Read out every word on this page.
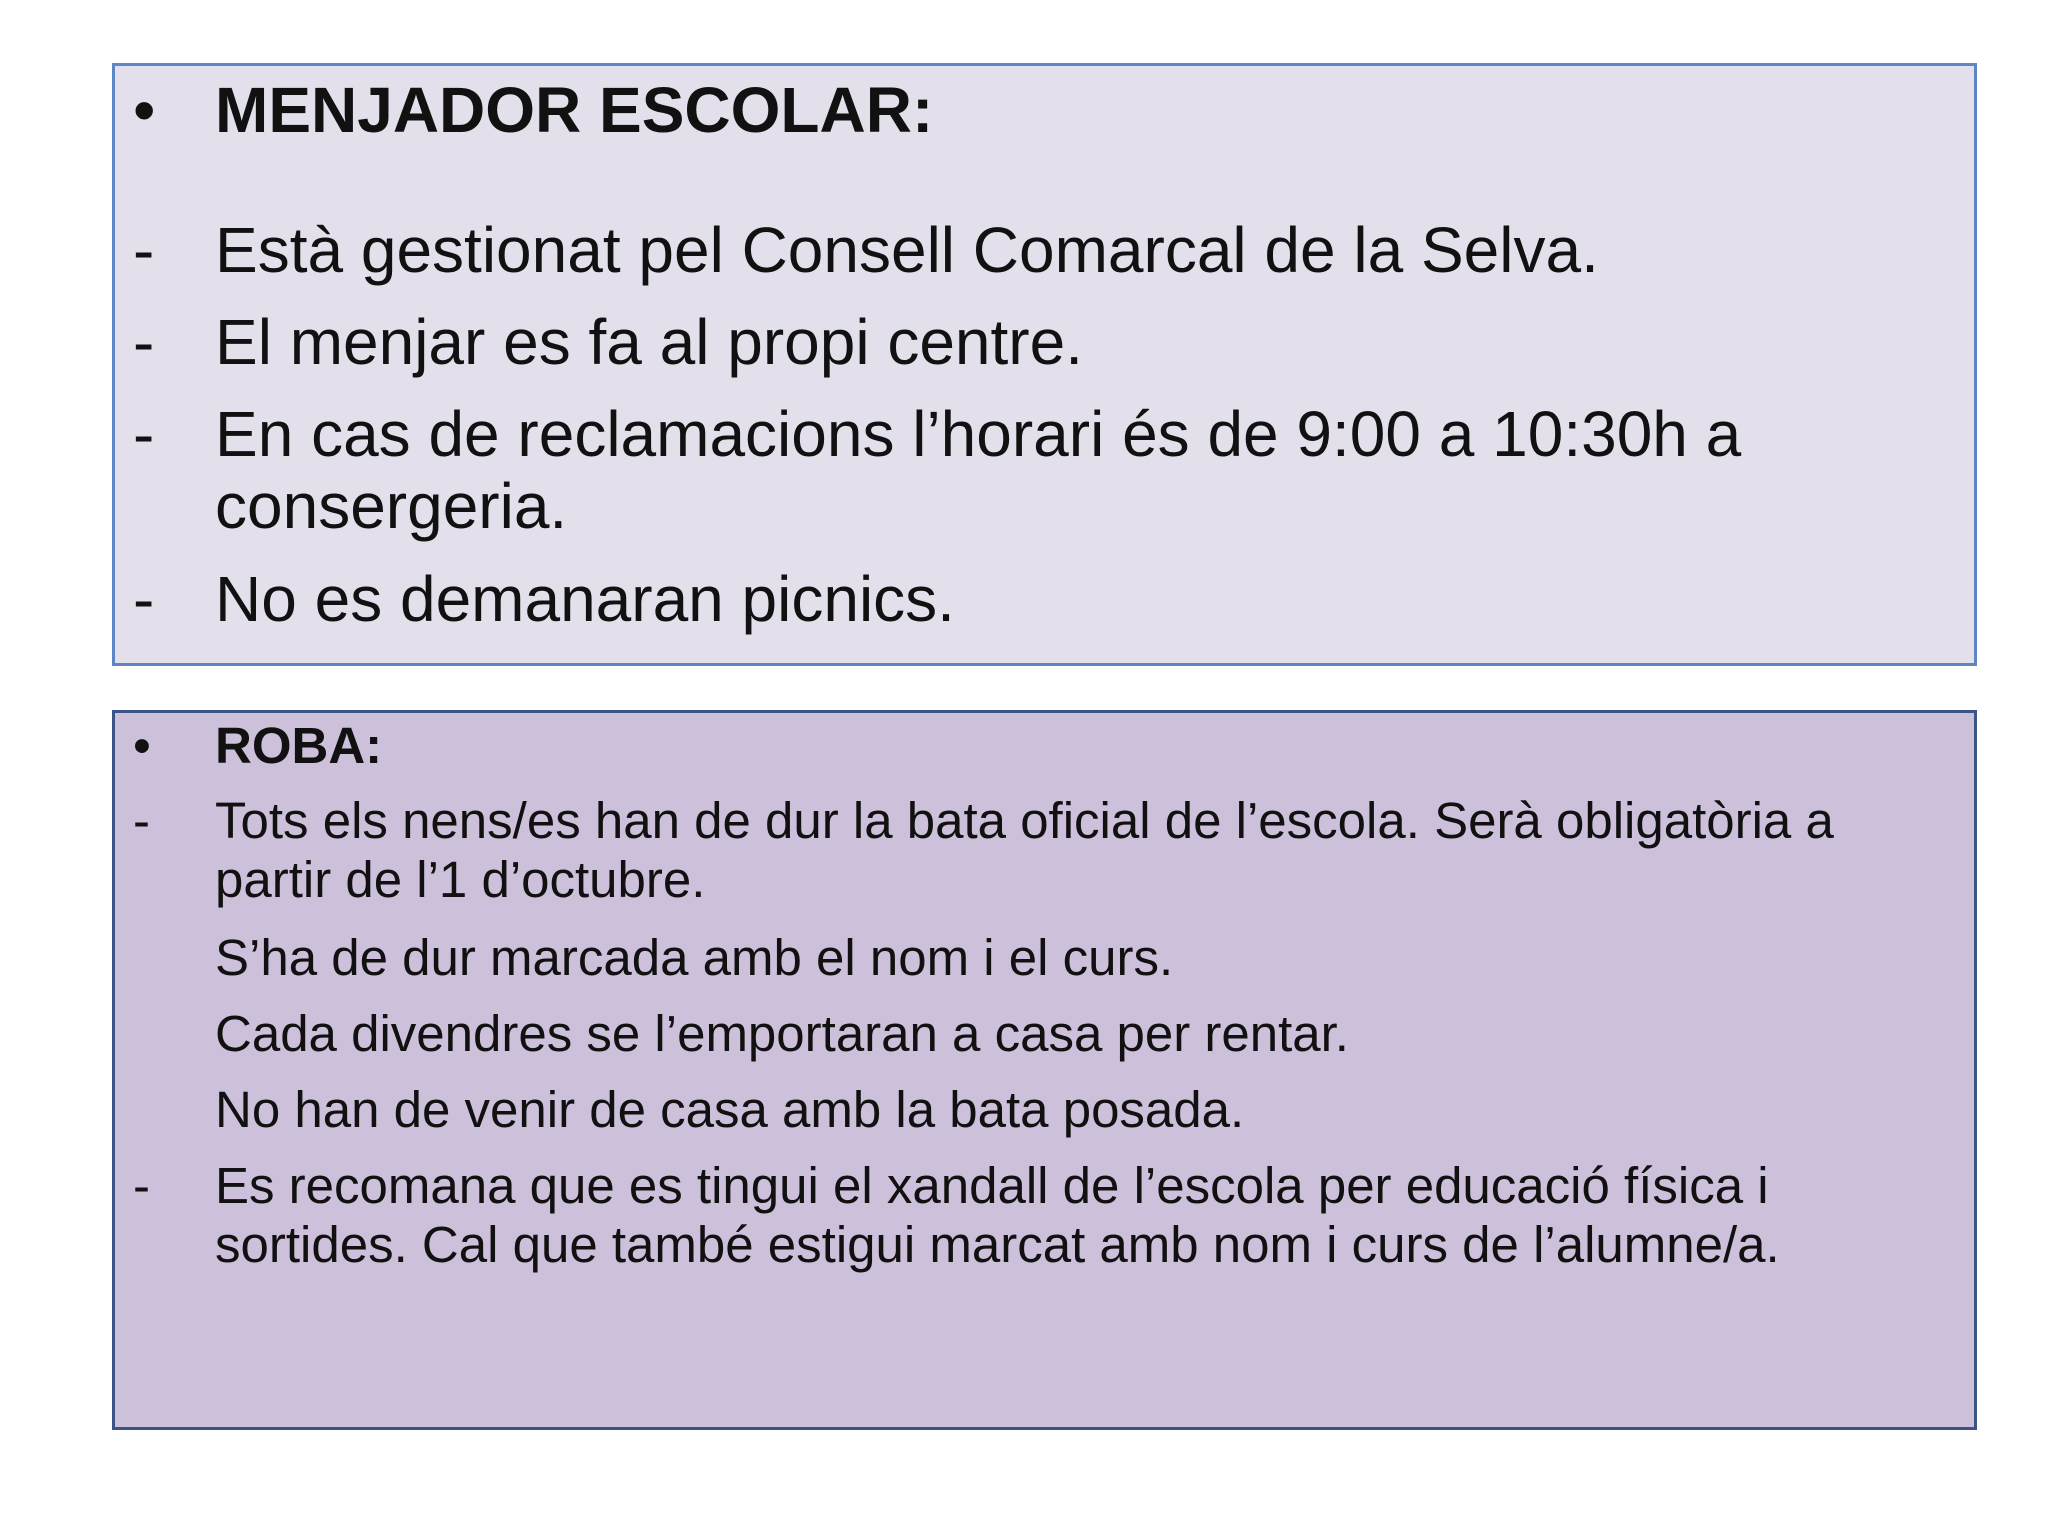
• MENJADOR ESCOLAR:
- Està gestionat pel Consell Comarcal de la Selva.
- El menjar es fa al propi centre.
- En cas de reclamacions l’horari és de 9:00 a 10:30h a consergeria.
- No es demanaran picnics.
• ROBA:
- Tots els nens/es han de dur la bata oficial de l’escola. Serà obligatòria a partir de l’1 d’octubre.
S’ha de dur marcada amb el nom i el curs.
Cada divendres se l’emportaran a casa per rentar.
No han de venir de casa amb la bata posada.
- Es recomana que es tingui el xandall de l’escola per educació física i sortides. Cal que també estigui marcat amb nom i curs de l’alumne/a.
